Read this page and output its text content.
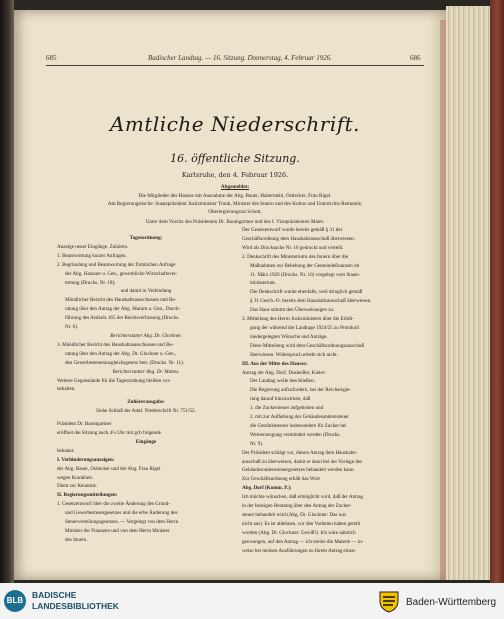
685	Badischer Landtag. — 16. Sitzung. Donnerstag, 4. Februar 1926.	686
Amtliche Niederschrift.
16. öffentliche Sitzung.
Karlsruhe, den 4. Februar 1926.
Abgemeldet:
Die Mitglieder des Hauses mit Ausnahme der Abg. Bauer, Habermehl, Ostlecker, Frau Rigel.
Am Regierungstische: Staatspräsident Justizminister Trunk, Minister des Innern und des Kultus und Unterrichts Remmele,
Oberregierungsrat Schott.
Unter dem Vorsitz des Präsidenten Dr. Baumgartner und des I. Vizepräsidenten Maier.

Tagesordnung:

Anzeige neuer Eingänge. Zuhören.

1. Beantwortung kurzer Anfragen.

2. Begründung und Beantwortung der förmlichen Anfrage

der Abg. Hanauer u. Gen., gewerbliche Wirtschaftsver-

tretung (Drucks. Nr. 18);

und damit in Verbindung

Mündlicher Bericht des Haushaltsausschusses und Be-

ratung über den Antrag der Abg. Marum u. Gen., Durch-

führung des Artikels 165 der Reichsverfassung (Drucks.

Nr. 6).

Berichterstatter Abg. Dr. Glockner.

3. Mündlicher Bericht des Haushaltsausschusses und Be-

ratung über den Antrag der Abg. Dr. Glockner u. Gen.,

den Gewerbesteuerausgleichsgesetz betr. (Drucks. Nr. 11).

Berichterstatter Abg. Dr. Mattes.

Weitere Gegenstände für die Tagesordnung bleiben vor-

behalten.

Zuhörerausgabe:

Siehe Schluß der Amtl. Niederschrift Nr. 751/52.

Präsident Dr. Baumgartner

eröffnet die Sitzung nach 4¼ Uhr mit gcb folgende

Eingänge

bekannt:

I. Verhinderungsanzeigen:

der Abg. Bauer, Ostlecker und der Abg. Frau Rigel

wegen Krankheit.

Dient zur Kenntnis.

II. Regierungsmitteilungen:

1. Gesetzentwurf über die zweite Änderung des Grund-

und Gewerbesteuergesetzes und die erbe Änderung des

Steuerverteilungsgesetzes. — Vorgelegt von dem Herrn

Minister der Finanzen und von dem Herrn Minister

des Innern.

Der Gesetzentwurf wurde bereits gemäß § 31 der

Geschäftsordnung dem Haushaltsausschuß überwiesen.

Wird als Drucksache Nr. 10 gedruckt und verteilt.

2. Denkschrift des Ministeriums des Innern über die

Maßnahmen zur Behebung der Gemeindefinanzen im

11. März 1926 (Drucks. Nr. 16) vorgelegt vom Staats-

ministerium.

Die Denkschrift wurde ebenfalls, weil dringlich gemäß

§ 31 Gesch.-O. bereits dem Haushaltsausschuß überwiesen.

Das Haus stimmt den Überweisungen zu.

3. Mitteilung des Herrn Justizministers über die Erlidi-

gung der während der Landtage 1924/25 zu Protokoll

niedergelegten Wünsche und Anträge.

Diese Mitteilung wird dem Geschäftsordnungsausschuß

überwiesen. Widerspruch erhebt sich nicht.

III. Aus der Mitte des Hauses:

Antrag der Abg. Dorf, Dusheißer, Kieler:

Der Landtag wolle beschließen:

Die Regierung aufzufordern, bei der Reichsregie-

rung darauf hinzuwirken, daß

1. die Zuckersteuer aufgehoben und

2. mit zur Aufhebung der Gebäudesonderesteuer

die Getränkesteuer insbesondere für Zucker bei

Weinerzeugung vermindert werden (Drucks.

Nr. 9).

Der Präsident schlägt vor, diesen Antrag dem Haushalts-

ausschuß zu überweisen, damit er dann bei der Vorlage des

Gebäudesonderesteuergesetzes behandelt werden kann.

Zur Geschäftsordnung erhält das Wort

Abg. Dorf (Komm. P.):

Ich möchte wünschen, daß ermöglicht wird, daß der Antrag

in der heutigen Beratung über den Antrag der Zucker-

steuer behandelt wird (Abg. Dr. Glockner: Das war

nicht aus). Es ist ablehnen, wir den Vorbeten haben geteilt

worden (Abg. Dr. Glockner: Gewiß!). Ich wäre nämlich

gezwungen, auf den Antrag — ich meine die Materie — in-

weise bei meinen Ausführungen zu Ihrem Antrag einzu-

BLB
BADISCHE
LANDESBIBLIOTHEK	Baden-Württemberg
